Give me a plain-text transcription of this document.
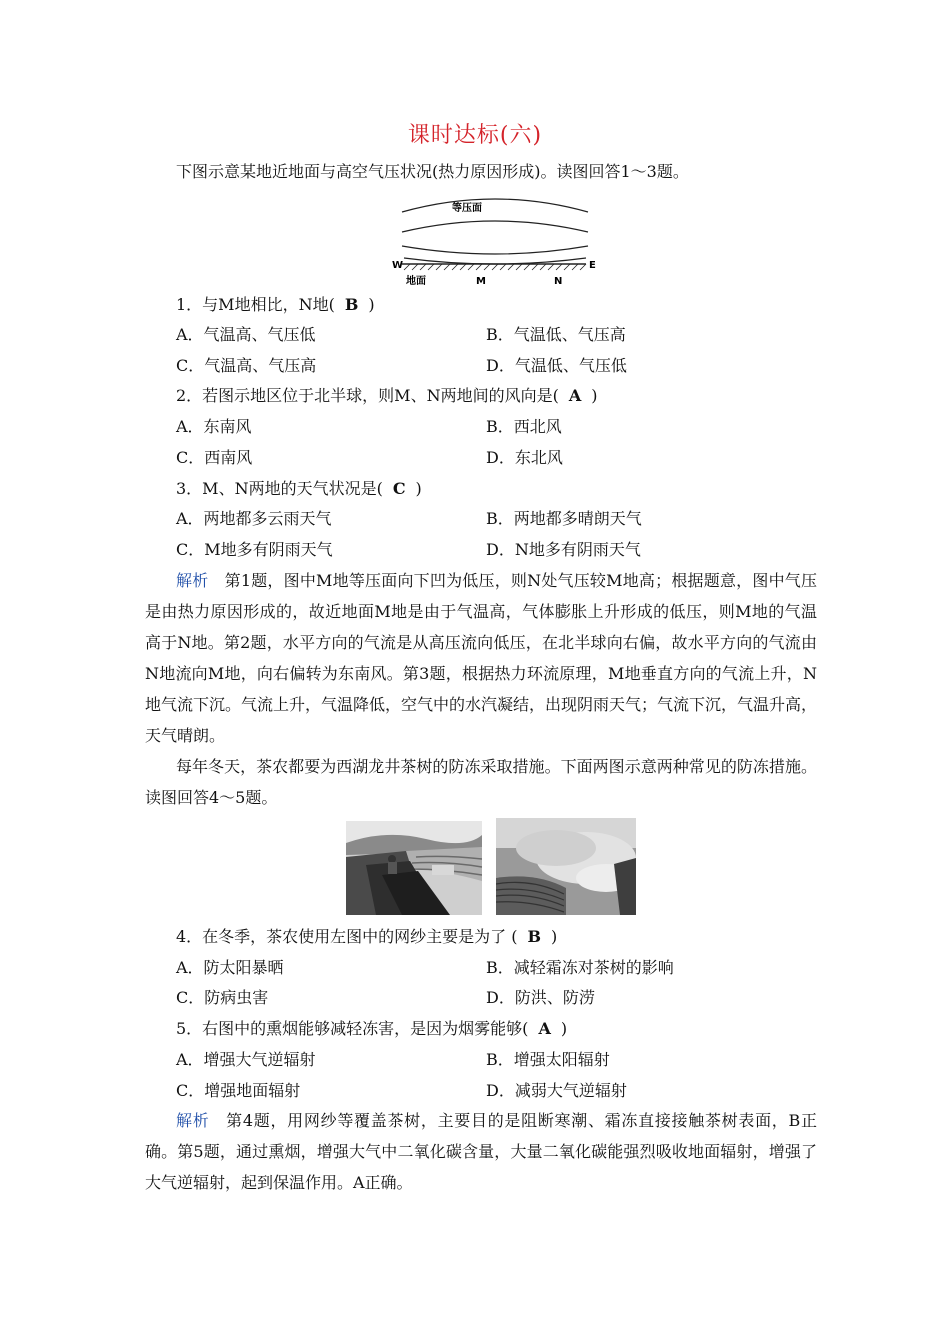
课时达标(六)
下图示意某地近地面与高空气压状况(热力原因形成)。读图回答1～3题。
等压面
W	E
地面	M	N
1．与M地相比，N地( B )
A．气温高、气压低	B．气温低、气压高
C．气温高、气压高	D．气温低、气压低
2．若图示地区位于北半球，则M、N两地间的风向是( A )
A．东南风	B．西北风
C．西南风	D．东北风
3．M、N两地的天气状况是( C )
A．两地都多云雨天气	B．两地都多晴朗天气
C．M地多有阴雨天气	D．N地多有阴雨天气
解析　 第1题，图中M地等压面向下凹为低压，则N处气压较M地高；根据题意，图中气压是由热力原因形成的，故近地面M地是由于气温高，气体膨胀上升形成的低压，则M地的气温高于N地。第2题，水平方向的气流是从高压流向低压，在北半球向右偏，故水平方向的气流由N地流向M地，向右偏转为东南风。第3题，根据热力环流原理，M地垂直方向的气流上升，N地气流下沉。气流上升，气温降低，空气中的水汽凝结，出现阴雨天气；气流下沉，气温升高，天气晴朗。
每年冬天，茶农都要为西湖龙井茶树的防冻采取措施。下面两图示意两种常见的防冻措施。读图回答4～5题。
4．在冬季，茶农使用左图中的网纱主要是为了 ( B )
A．防太阳暴晒	B．减轻霜冻对茶树的影响
C．防病虫害	D．防洪、防涝
5．右图中的熏烟能够减轻冻害，是因为烟雾能够( A )
A．增强大气逆辐射	B．增强太阳辐射
C．增强地面辐射	D．减弱大气逆辐射
解析　 第4题，用网纱等覆盖茶树，主要目的是阻断寒潮、霜冻直接接触茶树表面，B正确。第5题，通过熏烟，增强大气中二氧化碳含量，大量二氧化碳能强烈吸收地面辐射，增强了大气逆辐射，起到保温作用。A正确。
